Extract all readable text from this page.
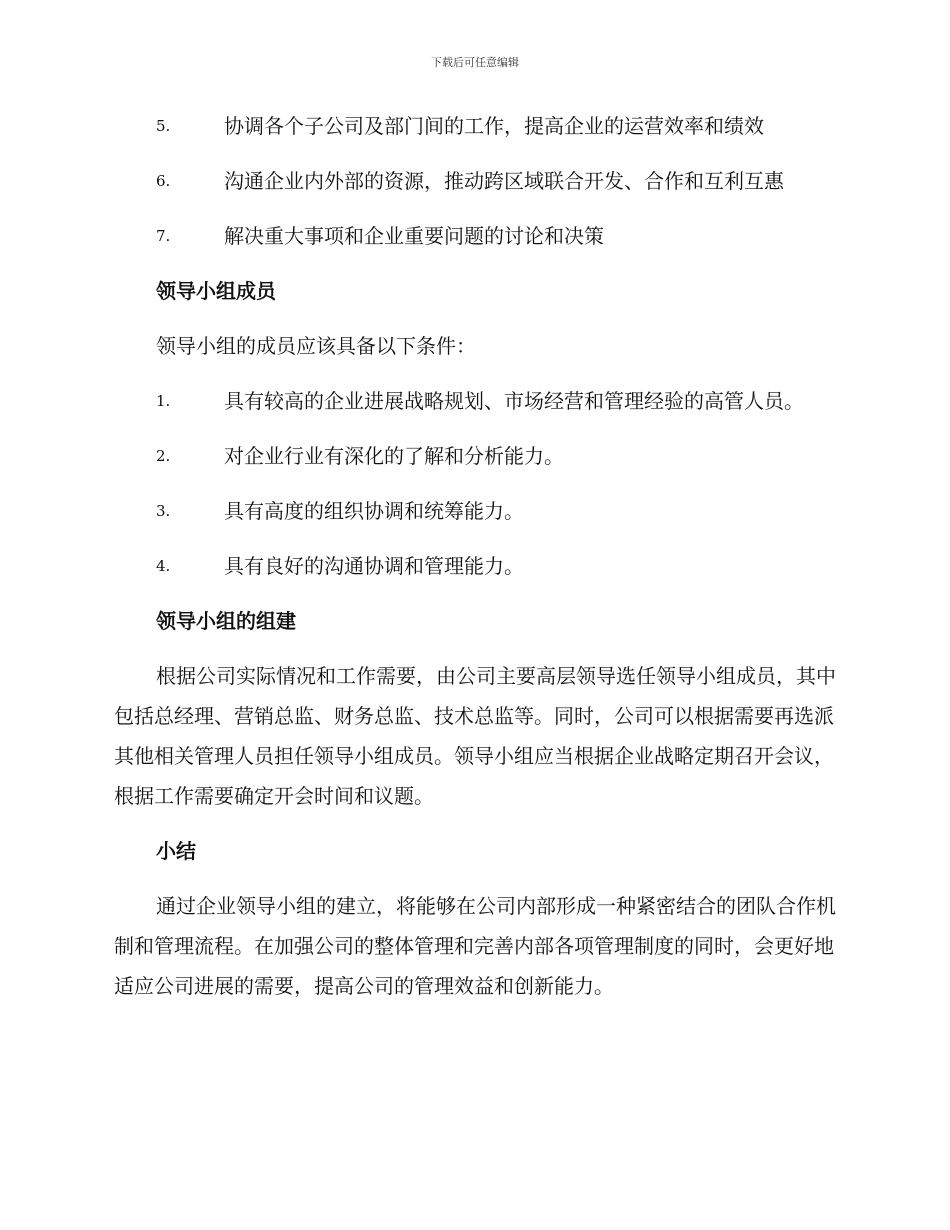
下载后可任意编辑
5.	协调各个子公司及部门间的工作，提高企业的运营效率和绩效
6.	沟通企业内外部的资源，推动跨区域联合开发、合作和互利互惠
7.	解决重大事项和企业重要问题的讨论和决策
领导小组成员
领导小组的成员应该具备以下条件：
1.	具有较高的企业进展战略规划、市场经营和管理经验的高管人员。
2.	对企业行业有深化的了解和分析能力。
3.	具有高度的组织协调和统筹能力。
4.	具有良好的沟通协调和管理能力。
领导小组的组建
根据公司实际情况和工作需要，由公司主要高层领导选任领导小组成员，其中包括总经理、营销总监、财务总监、技术总监等。同时，公司可以根据需要再选派其他相关管理人员担任领导小组成员。领导小组应当根据企业战略定期召开会议，根据工作需要确定开会时间和议题。
小结
通过企业领导小组的建立，将能够在公司内部形成一种紧密结合的团队合作机制和管理流程。在加强公司的整体管理和完善内部各项管理制度的同时，会更好地适应公司进展的需要，提高公司的管理效益和创新能力。
